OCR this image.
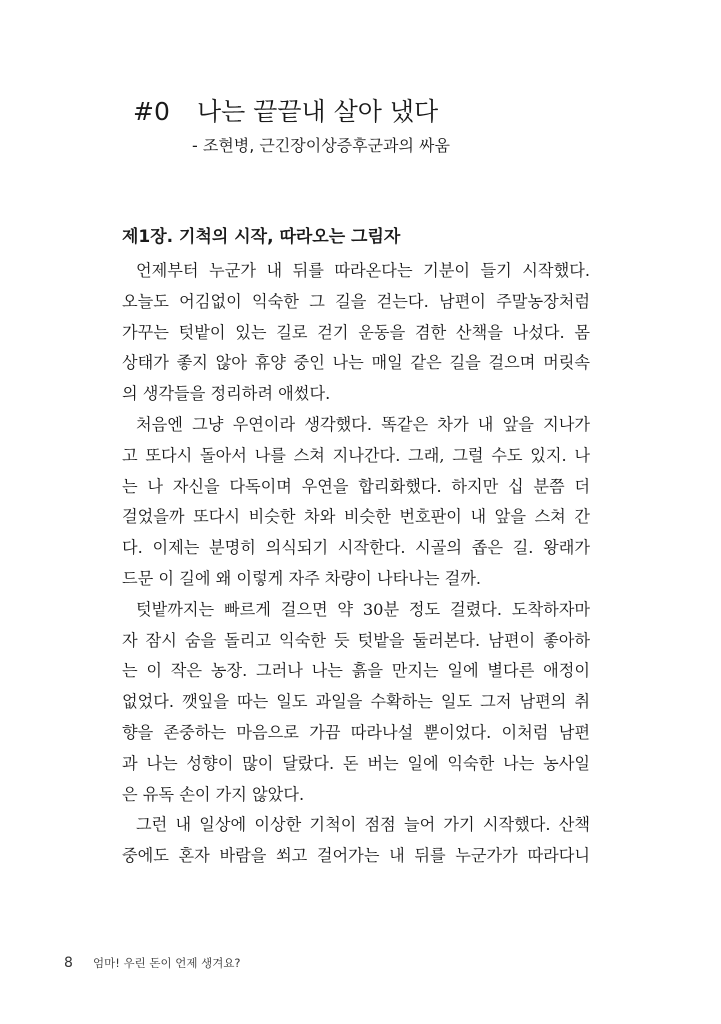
#0 나는 끝끝내 살아 냈다
- 조현병, 근긴장이상증후군과의 싸움
제1장. 기척의 시작, 따라오는 그림자
언제부터 누군가 내 뒤를 따라온다는 기분이 들기 시작했다.
오늘도 어김없이 익숙한 그 길을 걷는다. 남편이 주말농장처럼
가꾸는 텃밭이 있는 길로 걷기 운동을 겸한 산책을 나섰다. 몸
상태가 좋지 않아 휴양 중인 나는 매일 같은 길을 걸으며 머릿속
의 생각들을 정리하려 애썼다.
처음엔 그냥 우연이라 생각했다. 똑같은 차가 내 앞을 지나가
고 또다시 돌아서 나를 스쳐 지나간다. 그래, 그럴 수도 있지. 나
는 나 자신을 다독이며 우연을 합리화했다. 하지만 십 분쯤 더
걸었을까 또다시 비슷한 차와 비슷한 번호판이 내 앞을 스쳐 간
다. 이제는 분명히 의식되기 시작한다. 시골의 좁은 길. 왕래가
드문 이 길에 왜 이렇게 자주 차량이 나타나는 걸까.
텃밭까지는 빠르게 걸으면 약 30분 정도 걸렸다. 도착하자마
자 잠시 숨을 돌리고 익숙한 듯 텃밭을 둘러본다. 남편이 좋아하
는 이 작은 농장. 그러나 나는 흙을 만지는 일에 별다른 애정이
없었다. 깻잎을 따는 일도 과일을 수확하는 일도 그저 남편의 취
향을 존중하는 마음으로 가끔 따라나설 뿐이었다. 이처럼 남편
과 나는 성향이 많이 달랐다. 돈 버는 일에 익숙한 나는 농사일
은 유독 손이 가지 않았다.
그런 내 일상에 이상한 기척이 점점 늘어 가기 시작했다. 산책
중에도 혼자 바람을 쐬고 걸어가는 내 뒤를 누군가가 따라다니
8 엄마! 우린 돈이 언제 생겨요?
